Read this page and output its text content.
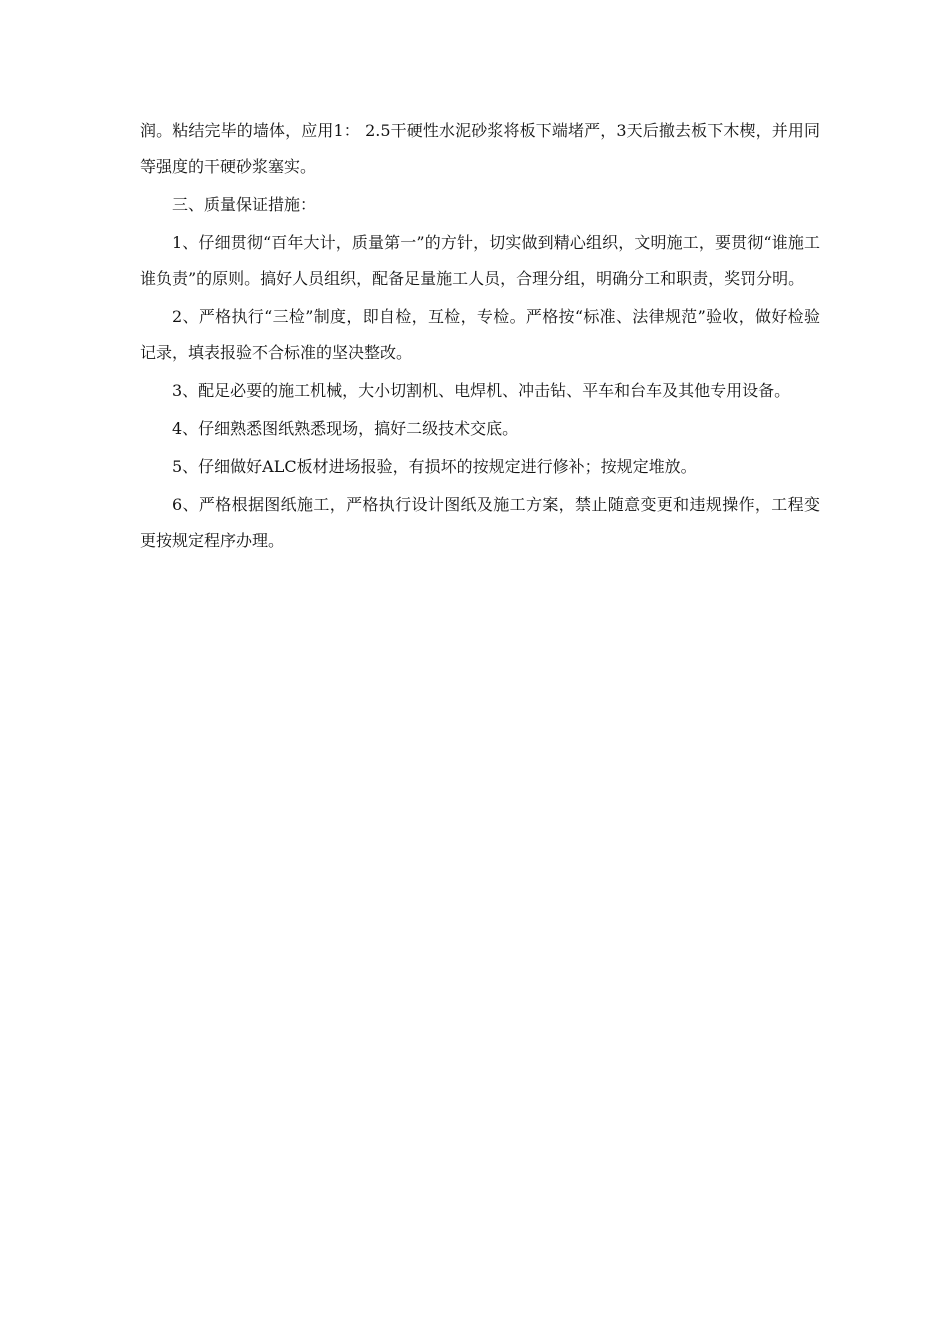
润。粘结完毕的墙体，应用1： 2.5干硬性水泥砂浆将板下端堵严，3天后撤去板下木楔，并用同等强度的干硬砂浆塞实。

三、质量保证措施：

1、仔细贯彻“百年大计，质量第一”的方针，切实做到精心组织，文明施工，要贯彻“谁施工谁负责”的原则。搞好人员组织，配备足量施工人员，合理分组，明确分工和职责，奖罚分明。

2、严格执行“三检”制度，即自检，互检，专检。严格按“标准、法律规范”验收，做好检验记录，填表报验不合标准的坚决整改。

3、配足必要的施工机械，大小切割机、电焊机、冲击钻、平车和台车及其他专用设备。

4、仔细熟悉图纸熟悉现场，搞好二级技术交底。

5、仔细做好ALC板材进场报验，有损坏的按规定进行修补；按规定堆放。

6、严格根据图纸施工，严格执行设计图纸及施工方案，禁止随意变更和违规操作，工程变更按规定程序办理。
